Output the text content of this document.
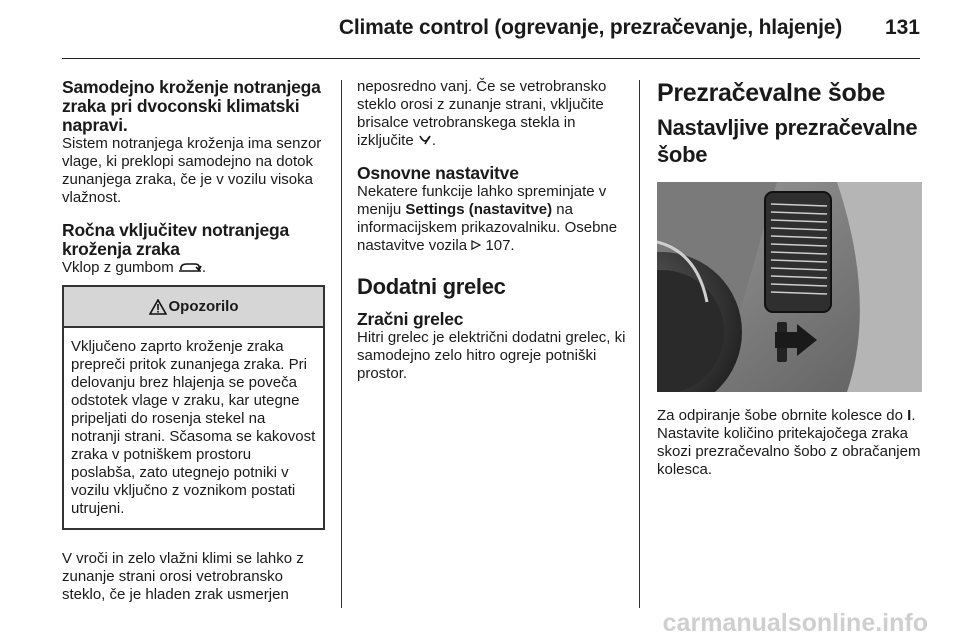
Climate control (ogrevanje, prezračevanje, hlajenje) 131
Samodejno kroženje notranjega zraka pri dvoconski klimatski napravi.

Sistem notranjega kroženja ima senzor vlage, ki preklopi samodejno na dotok zunanjega zraka, če je v vozilu visoka vlažnost.

Ročna vključitev notranjega kroženja zraka

Vklop z gumbom .

Opozorilo
Vključeno zaprto kroženje zraka prepreči pritok zunanjega zraka. Pri delovanju brez hlajenja se poveča odstotek vlage v zraku, kar utegne pripeljati do rosenja stekel na notranji strani. Sčasoma se kakovost zraka v potniškem prostoru poslabša, zato utegnejo potniki v vozilu vključno z voznikom postati utrujeni.

V vroči in zelo vlažni klimi se lahko z zunanje strani orosi vetrobransko steklo, če je hladen zrak usmerjen

neposredno vanj. Če se vetrobransko steklo orosi z zunanje strani, vključite brisalce vetrobranskega stekla in izključite .

Osnovne nastavitve

Nekatere funkcije lahko spreminjate v meniju Settings (nastavitve) na informacijskem prikazovalniku. Osebne nastavitve vozila  107.

Dodatni grelec
Zračni grelec

Hitri grelec je električni dodatni grelec, ki samodejno zelo hitro ogreje potniški prostor.

Prezračevalne šobe
Nastavljive prezračevalne šobe

Za odpiranje šobe obrnite kolesce do I. Nastavite količino pritekajočega zraka skozi prezračevalno šobo z obračanjem kolesca.

carmanualsonline.info
